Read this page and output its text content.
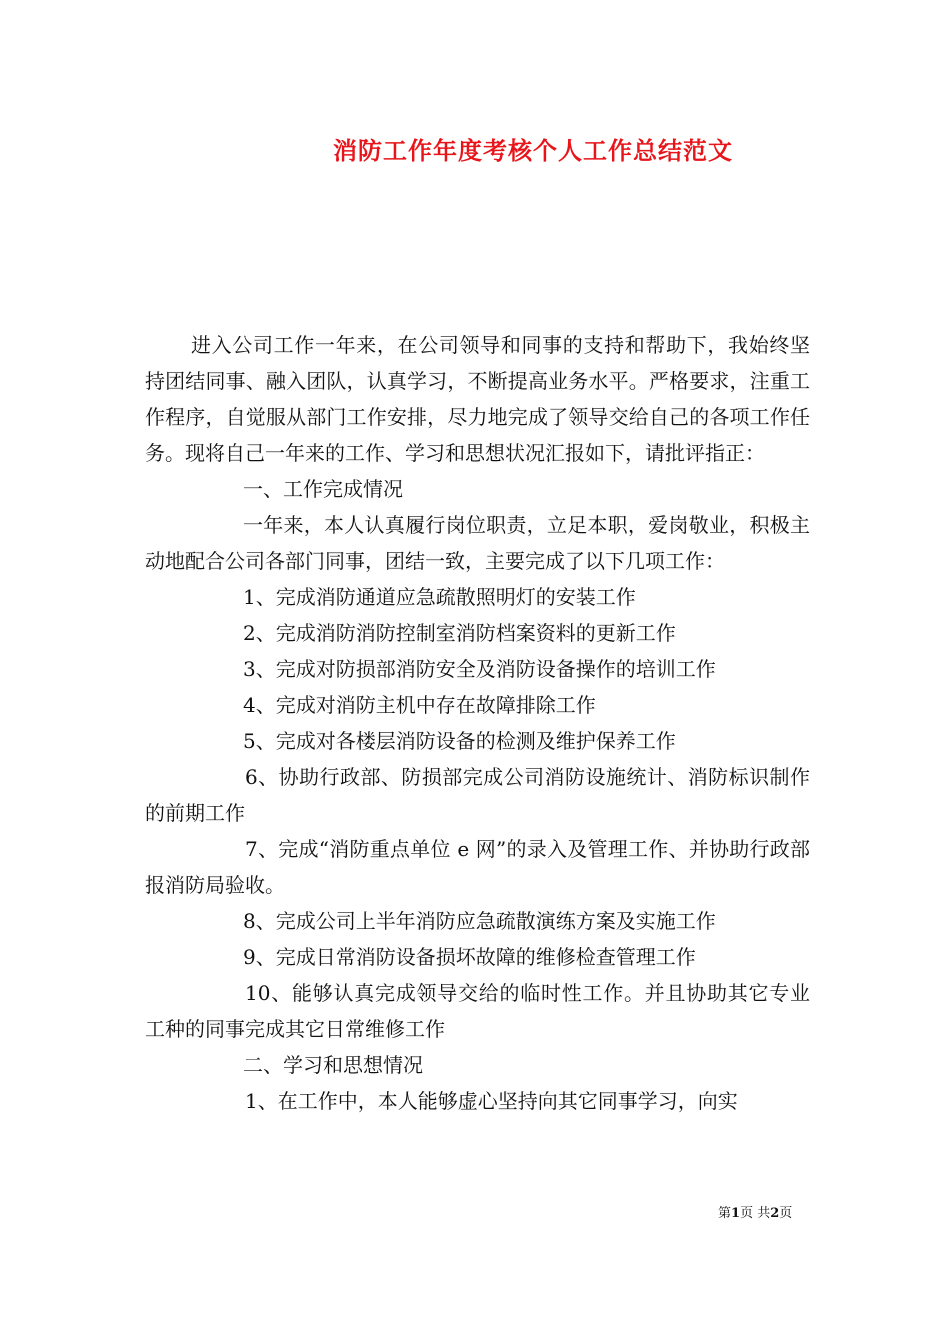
消防工作年度考核个人工作总结范文

进入公司工作一年来，在公司领导和同事的支持和帮助下，我始终坚持团结同事、融入团队，认真学习，不断提高业务水平。严格要求，注重工作程序，自觉服从部门工作安排，尽力地完成了领导交给自己的各项工作任务。现将自己一年来的工作、学习和思想状况汇报如下，请批评指正：

一、工作完成情况

一年来，本人认真履行岗位职责，立足本职，爱岗敬业，积极主动地配合公司各部门同事，团结一致，主要完成了以下几项工作：

1、完成消防通道应急疏散照明灯的安装工作

2、完成消防消防控制室消防档案资料的更新工作

3、完成对防损部消防安全及消防设备操作的培训工作

4、完成对消防主机中存在故障排除工作

5、完成对各楼层消防设备的检测及维护保养工作

6、协助行政部、防损部完成公司消防设施统计、消防标识制作的前期工作

7、完成“消防重点单位 e 网”的录入及管理工作、并协助行政部报消防局验收。

8、完成公司上半年消防应急疏散演练方案及实施工作

9、完成日常消防设备损坏故障的维修检查管理工作

10、能够认真完成领导交给的临时性工作。并且协助其它专业工种的同事完成其它日常维修工作

二、学习和思想情况

1、在工作中，本人能够虚心坚持向其它同事学习，向实

第1页 共2页
